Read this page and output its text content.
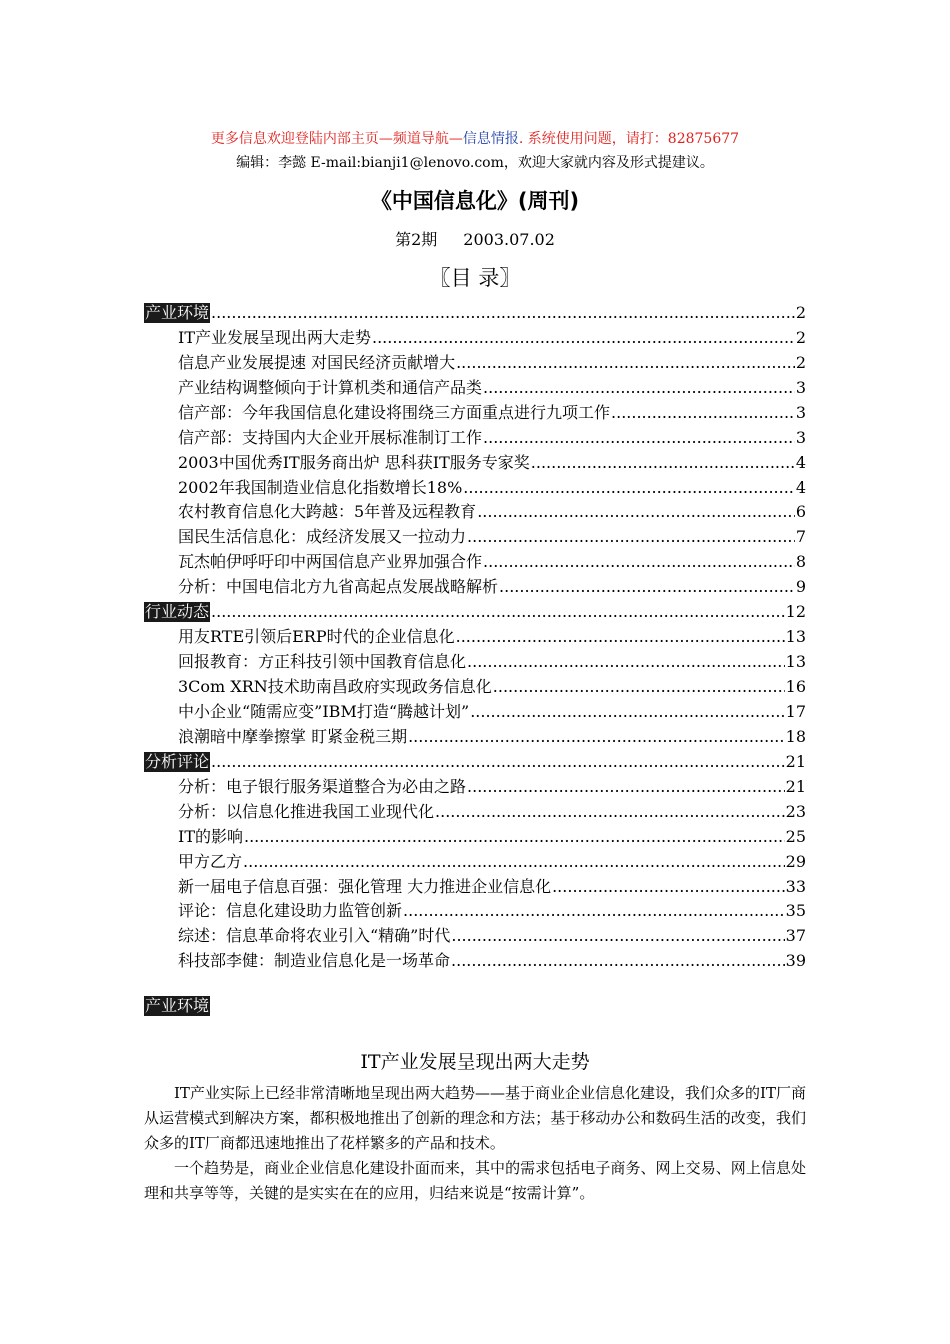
更多信息欢迎登陆内部主页—频道导航—信息情报. 系统使用问题，请打：82875677
编辑：李懿 E-mail:bianji1@lenovo.com，欢迎大家就内容及形式提建议。
《中国信息化》(周刊)
第2期 2003.07.02
〖目 录〗
产业环境 .....	2
IT产业发展呈现出两大走势 .....	2
信息产业发展提速 对国民经济贡献增大 .....	2
产业结构调整倾向于计算机类和通信产品类 .....	3
信产部：今年我国信息化建设将围绕三方面重点进行九项工作 .....	3
信产部：支持国内大企业开展标准制订工作 .....	3
2003中国优秀IT服务商出炉 思科获IT服务专家奖 .....	4
2002年我国制造业信息化指数增长18% .....	4
农村教育信息化大跨越：5年普及远程教育 .....	6
国民生活信息化：成经济发展又一拉动力 .....	7
瓦杰帕伊呼吁印中两国信息产业界加强合作 .....	8
分析：中国电信北方九省高起点发展战略解析 .....	9
行业动态 .....	12
用友RTE引领后ERP时代的企业信息化 .....	13
回报教育：方正科技引领中国教育信息化 .....	13
3Com XRN技术助南昌政府实现政务信息化 .....	16
中小企业“随需应变”IBM打造“腾越计划” .....	17
浪潮暗中摩拳擦掌 盯紧金税三期 .....	18
分析评论 .....	21
分析：电子银行服务渠道整合为必由之路 .....	21
分析：以信息化推进我国工业现代化 .....	23
IT的影响 .....	25
甲方乙方 .....	29
新一届电子信息百强：强化管理 大力推进企业信息化 .....	33
评论：信息化建设助力监管创新 .....	35
综述：信息革命将农业引入“精确”时代 .....	37
科技部李健：制造业信息化是一场革命 .....	39
产业环境
IT产业发展呈现出两大走势

IT产业实际上已经非常清晰地呈现出两大趋势——基于商业企业信息化建设，我们众多的IT厂商从运营模式到解决方案，都积极地推出了创新的理念和方法；基于移动办公和数码生活的改变，我们众多的IT厂商都迅速地推出了花样繁多的产品和技术。

一个趋势是，商业企业信息化建设扑面而来，其中的需求包括电子商务、网上交易、网上信息处理和共享等等，关键的是实实在在的应用，归结来说是“按需计算”。
